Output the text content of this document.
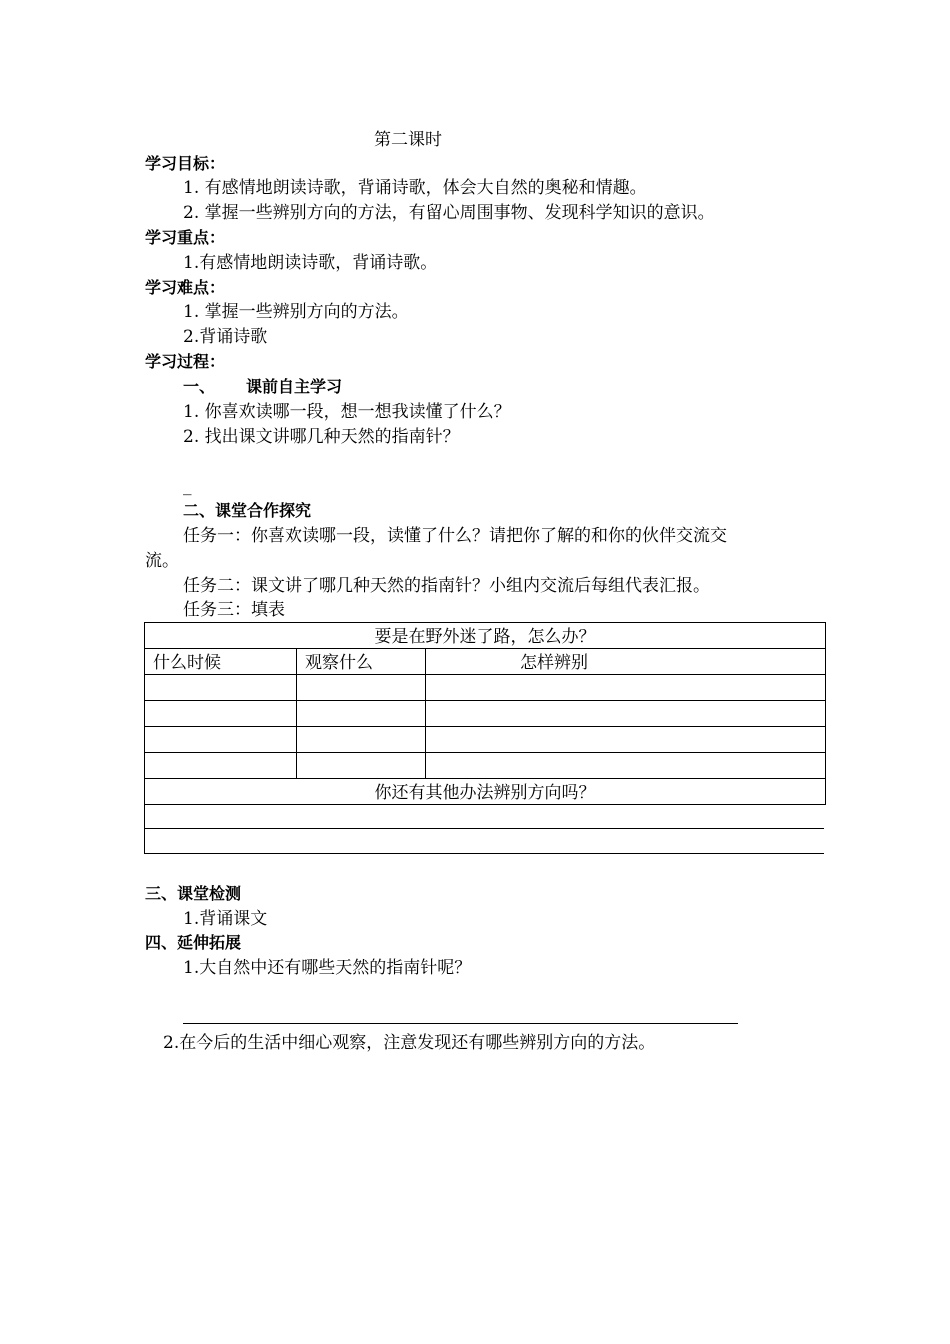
第二课时
学习目标：
1. 有感情地朗读诗歌，背诵诗歌，体会大自然的奥秘和情趣。
2. 掌握一些辨别方向的方法，有留心周围事物、发现科学知识的意识。
学习重点：
1.有感情地朗读诗歌，背诵诗歌。
学习难点：
1. 掌握一些辨别方向的方法。
2.背诵诗歌
学习过程：
一、 课前自主学习
1. 你喜欢读哪一段，想一想我读懂了什么？
2. 找出课文讲哪几种天然的指南针？
_
二、课堂合作探究
任务一：你喜欢读哪一段，读懂了什么？请把你了解的和你的伙伴交流交
流。
任务二：课文讲了哪几种天然的指南针？小组内交流后每组代表汇报。
任务三：填表
要是在野外迷了路，怎么办？		
什么时候	观察什么	怎样辨别

你还有其他办法辨别方向吗？		
三、课堂检测
1.背诵课文
四、延伸拓展
1.大自然中还有哪些天然的指南针呢？
2.在今后的生活中细心观察，注意发现还有哪些辨别方向的方法。
